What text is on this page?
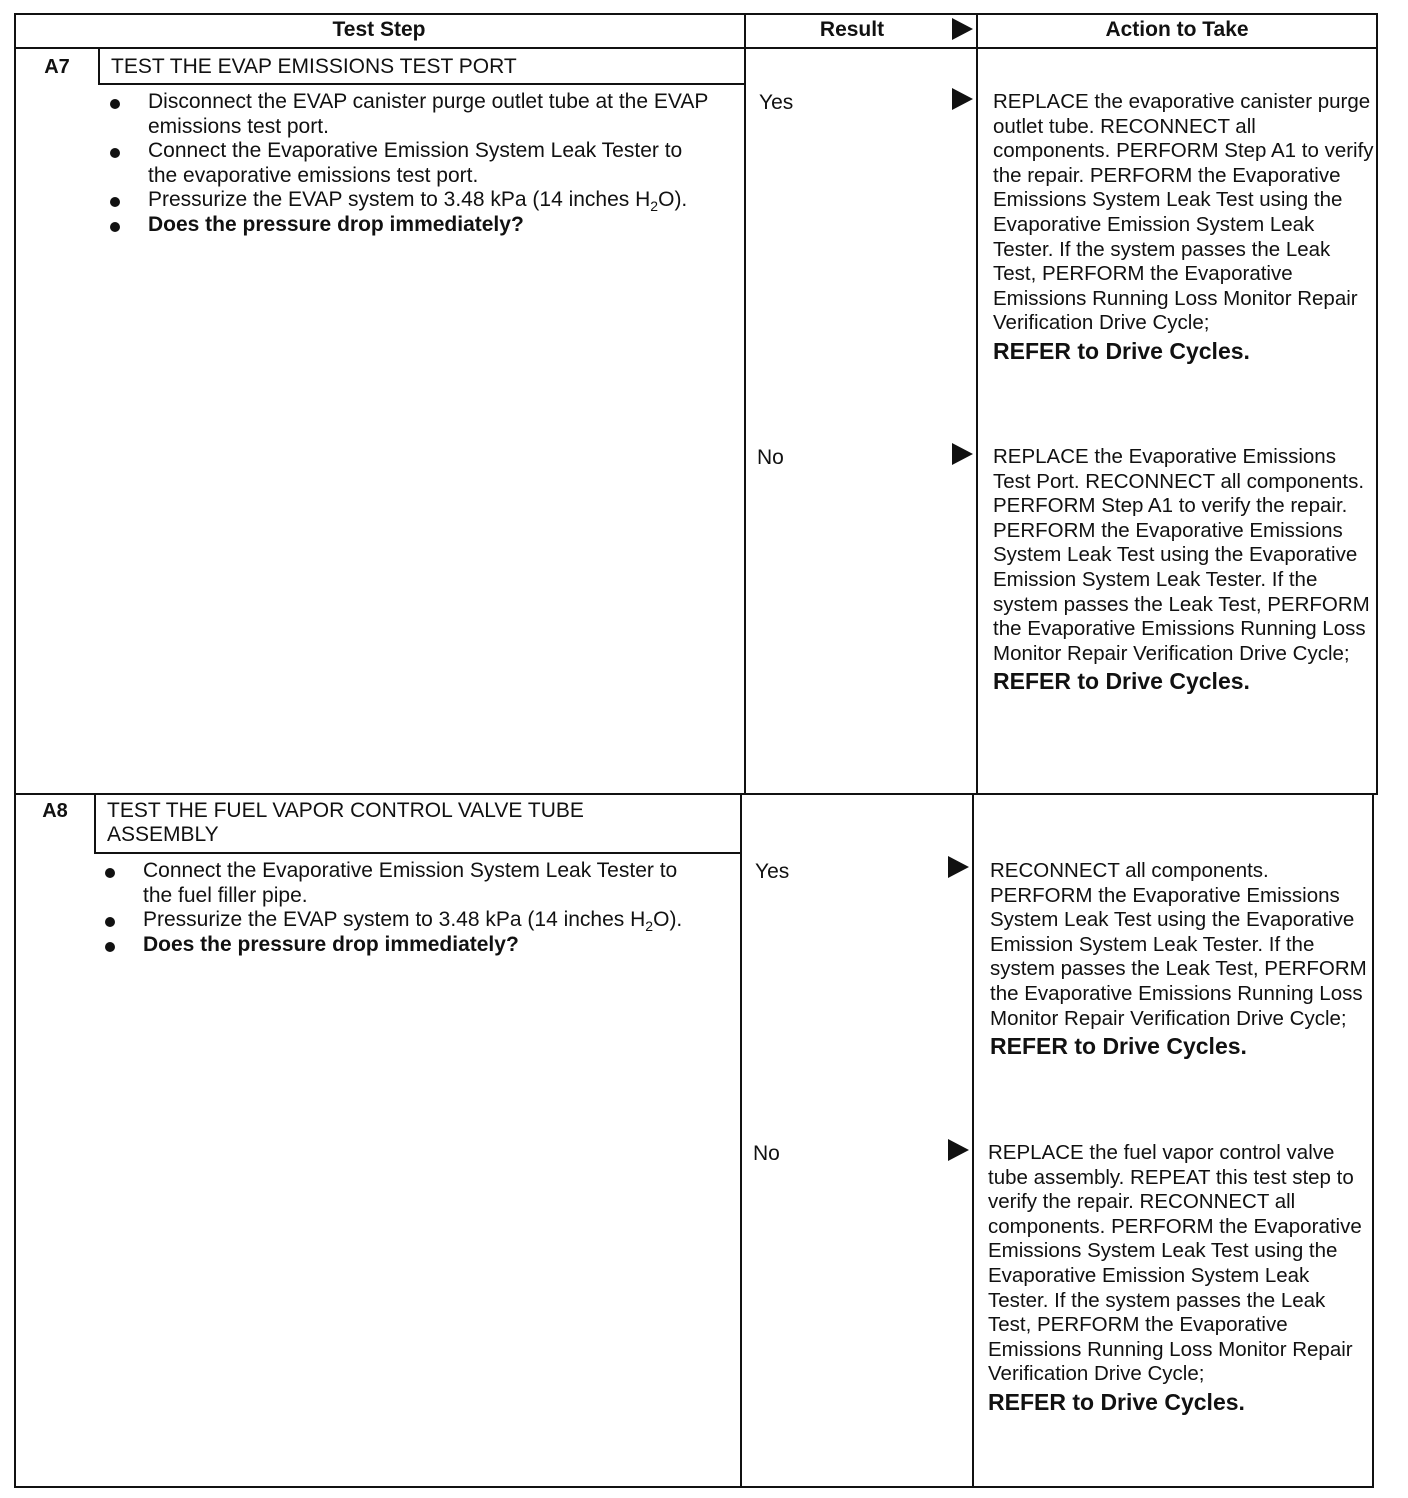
Test Step	Result	Action to Take
A7	TEST THE EVAP EMISSIONS TEST PORT
Disconnect the EVAP canister purge outlet tube at the EVAP emissions test port.
Connect the Evaporative Emission System Leak Tester to the evaporative emissions test port.
Pressurize the EVAP system to 3.48 kPa (14 inches $H_2O$).
Does the pressure drop immediately?
Yes	REPLACE the evaporative canister purge outlet tube. RECONNECT all components. PERFORM Step A1 to verify the repair. PERFORM the Evaporative Emissions System Leak Test using the Evaporative Emission System Leak Tester. If the system passes the Leak Test, PERFORM the Evaporative Emissions Running Loss Monitor Repair Verification Drive Cycle;
REFER to Drive Cycles.
No	REPLACE the Evaporative Emissions Test Port. RECONNECT all components. PERFORM Step A1 to verify the repair. PERFORM the Evaporative Emissions System Leak Test using the Evaporative Emission System Leak Tester. If the system passes the Leak Test, PERFORM the Evaporative Emissions Running Loss Monitor Repair Verification Drive Cycle;
REFER to Drive Cycles.
A8	TEST THE FUEL VAPOR CONTROL VALVE TUBE ASSEMBLY
Connect the Evaporative Emission System Leak Tester to the fuel filler pipe.
Pressurize the EVAP system to 3.48 kPa (14 inches $H_2O$).
Does the pressure drop immediately?
Yes	RECONNECT all components. PERFORM the Evaporative Emissions System Leak Test using the Evaporative Emission System Leak Tester. If the system passes the Leak Test, PERFORM the Evaporative Emissions Running Loss Monitor Repair Verification Drive Cycle;
REFER to Drive Cycles.
No	REPLACE the fuel vapor control valve tube assembly. REPEAT this test step to verify the repair. RECONNECT all components. PERFORM the Evaporative Emissions System Leak Test using the Evaporative Emission System Leak Tester. If the system passes the Leak Test, PERFORM the Evaporative Emissions Running Loss Monitor Repair Verification Drive Cycle;
REFER to Drive Cycles.
